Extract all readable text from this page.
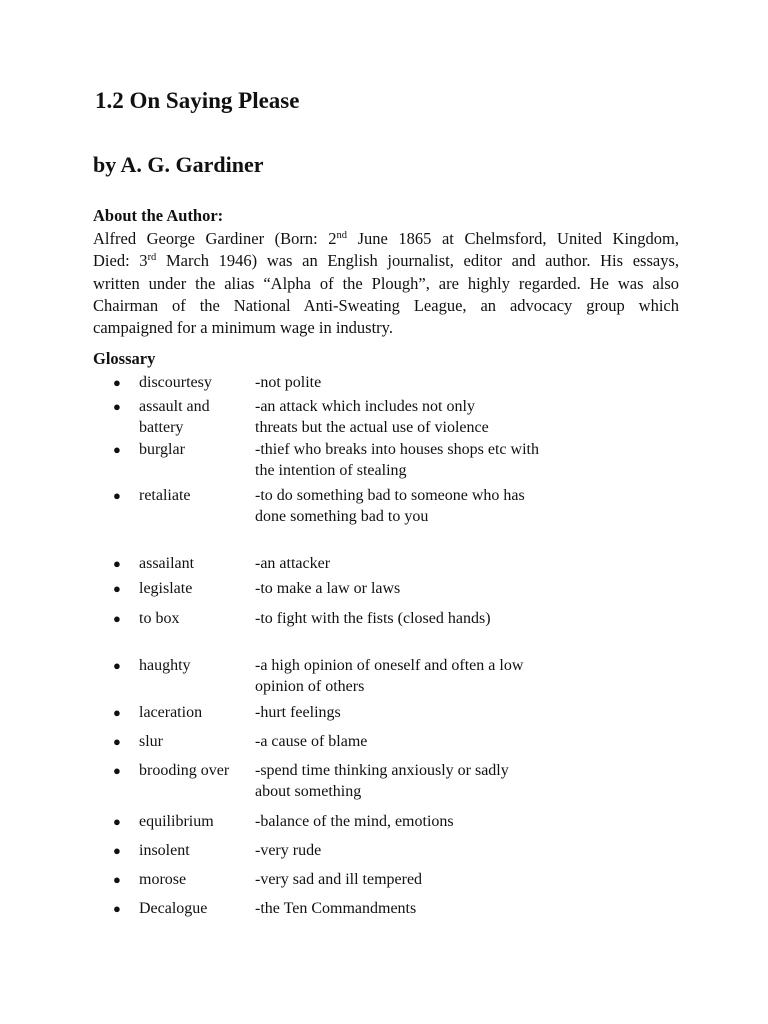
1.2 On Saying Please
by A. G. Gardiner
About the Author:

Alfred George Gardiner (Born: 2nd June 1865 at Chelmsford, United Kingdom,
Died: 3rd March 1946) was an English journalist, editor and author. His essays,
written under the alias “Alpha of the Plough”, are highly regarded. He was also
Chairman of the National Anti-Sweating League, an advocacy group which
campaigned for a minimum wage in industry.

Glossary
● discourtesy	-not polite
● assault and battery
-an attack which includes not only threats but the actual use of violence
● burglar	-thief who breaks into houses shops etc with the intention of stealing
● retaliate	-to do something bad to someone who has done something bad to you
● assailant	-an attacker
● legislate	-to make a law or laws
● to box	-to fight with the fists (closed hands)
● haughty	-a high opinion of oneself and often a low opinion of others
● laceration	-hurt feelings
● slur	-a cause of blame
● brooding over	-spend time thinking anxiously or sadly about something
● equilibrium	-balance of the mind, emotions
● insolent	-very rude
● morose	-very sad and ill tempered
● Decalogue	-the Ten Commandments
